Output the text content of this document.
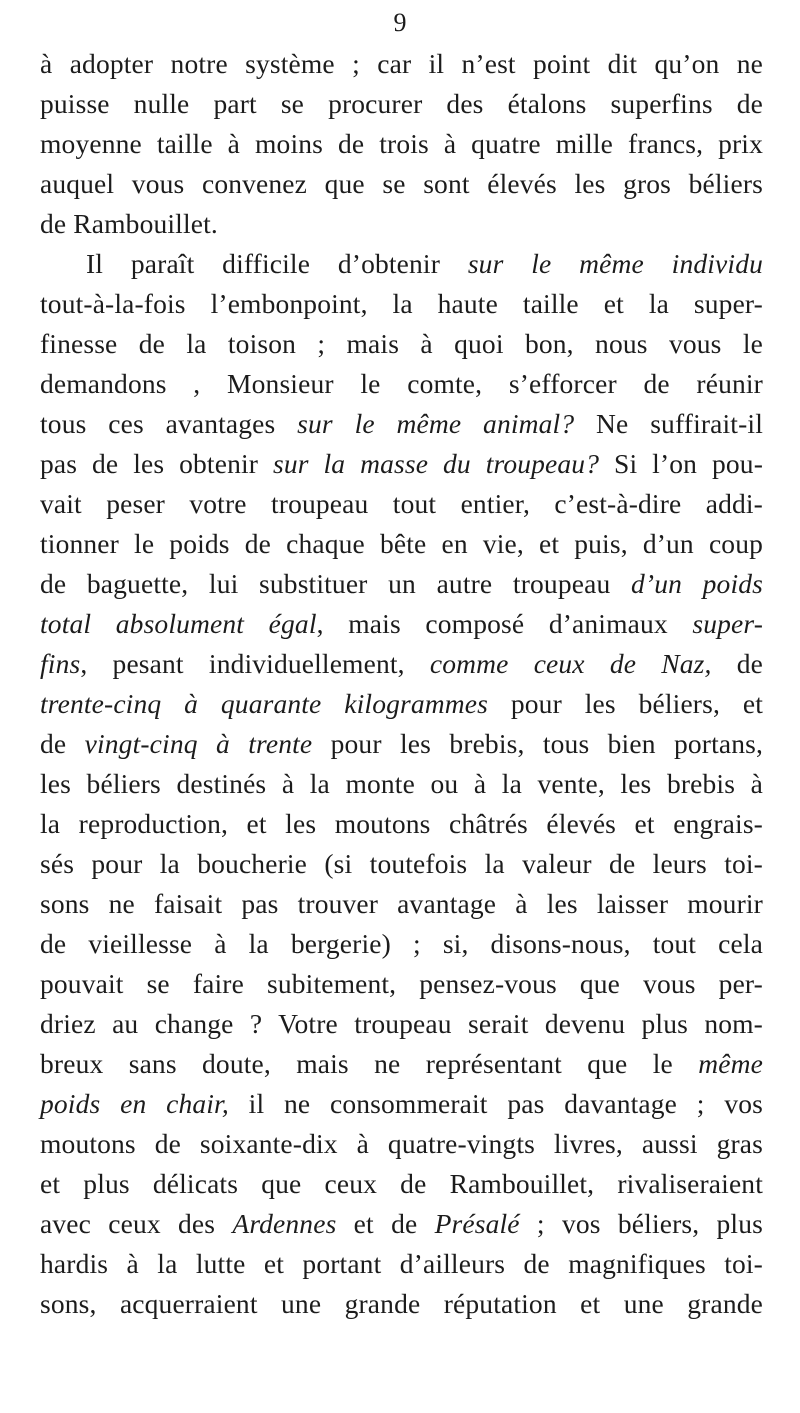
9
à adopter notre système ; car il n’est point dit qu’on ne
puisse nulle part se procurer des étalons superfins de
moyenne taille à moins de trois à quatre mille francs, prix
auquel vous convenez que se sont élevés les gros béliers
de Rambouillet.
Il paraît difficile d’obtenir sur le même individu
tout-à-la-fois l’embonpoint, la haute taille et la super-
finesse de la toison ; mais à quoi bon, nous vous le
demandons , Monsieur le comte, s’efforcer de réunir
tous ces avantages sur le même animal? Ne suffirait-il
pas de les obtenir sur la masse du troupeau? Si l’on pou-
vait peser votre troupeau tout entier, c’est-à-dire addi-
tionner le poids de chaque bête en vie, et puis, d’un coup
de baguette, lui substituer un autre troupeau d’un poids
total absolument égal, mais composé d’animaux super-
fins, pesant individuellement, comme ceux de Naz, de
trente-cinq à quarante kilogrammes pour les béliers, et
de vingt-cinq à trente pour les brebis, tous bien portans,
les béliers destinés à la monte ou à la vente, les brebis à
la reproduction, et les moutons châtrés élevés et engrais-
sés pour la boucherie (si toutefois la valeur de leurs toi-
sons ne faisait pas trouver avantage à les laisser mourir
de vieillesse à la bergerie) ; si, disons-nous, tout cela
pouvait se faire subitement, pensez-vous que vous per-
driez au change ? Votre troupeau serait devenu plus nom-
breux sans doute, mais ne représentant que le même
poids en chair, il ne consommerait pas davantage ; vos
moutons de soixante-dix à quatre-vingts livres, aussi gras
et plus délicats que ceux de Rambouillet, rivaliseraient
avec ceux des Ardennes et de Présalé ; vos béliers, plus
hardis à la lutte et portant d’ailleurs de magnifiques toi-
sons, acquerraient une grande réputation et une grande
